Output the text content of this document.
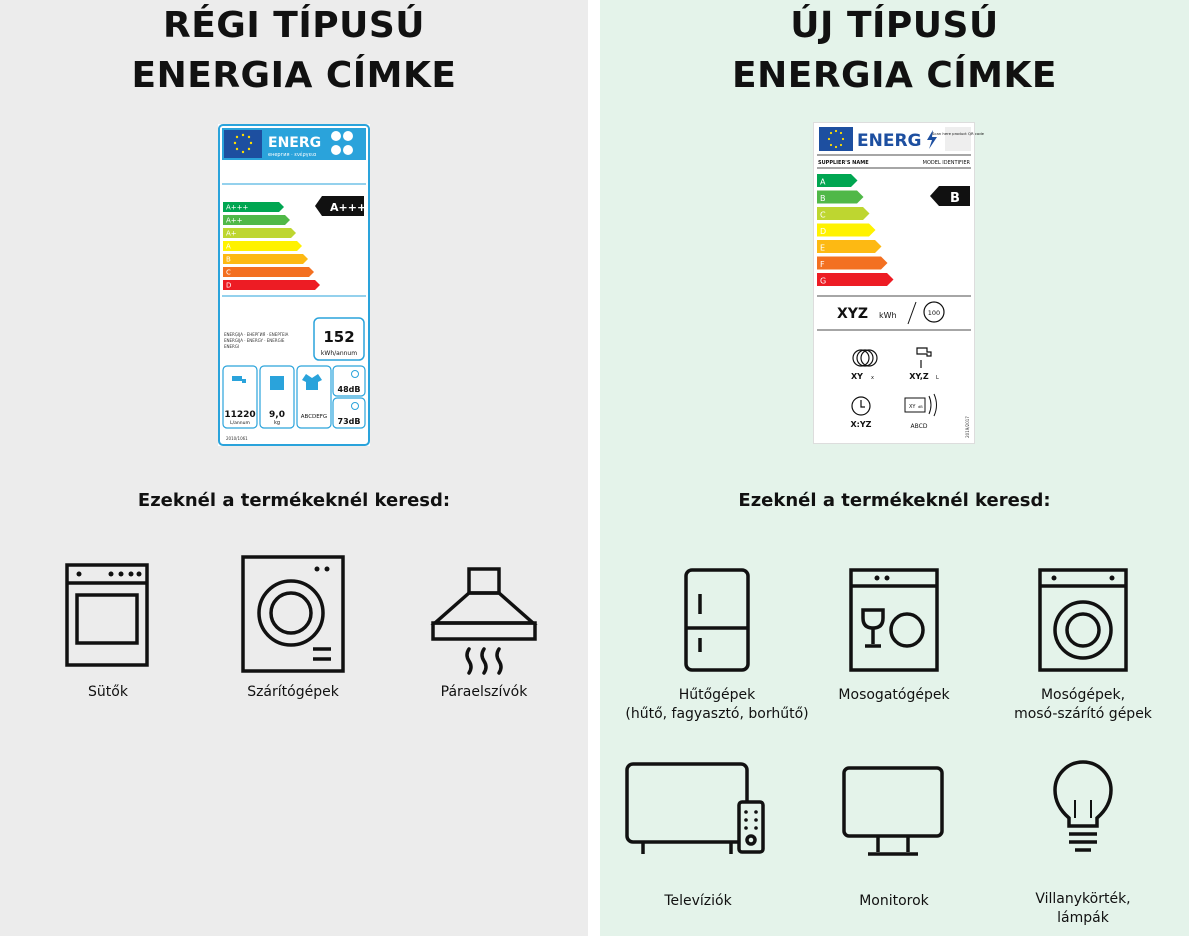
RÉGI TÍPUSÚ
ENERGIA CÍMKE
ENERG
енергия · ενέργεια
A+++
A++
A+
A
B
C
D
A+++
ENERĢIJA · ЕНЕРГИЯ · ΕΝΕΡΓΕΙΑ
ENERGIJA · ENERGY · ENERGIE
ENERGI
152
kWh/annum
11220
L/annum
9,0
kg
ABCDEFG
48dB
73dB
2010/1061
Ezeknél a termékeknél keresd:
Sütők	Szárítógépek	Páraelszívók
ÚJ TÍPUSÚ
ENERGIA CÍMKE
ENERG	Scan here product QR code
SUPPLIER'S NAME	MODEL IDENTIFIER
A
B
C
D
E
F
G
B
XYZ kWh	100
XY x	XY,Z L
X:YZ
XY dB
ABCD	2019/2017
Ezeknél a termékeknél keresd:
Hűtőgépek
(hűtő, fagyasztó, borhűtő)
Mosogatógépek	Mosógépek,
mosó-szárító gépek
Televíziók	Monitorok	Villanykörték,
lámpák
